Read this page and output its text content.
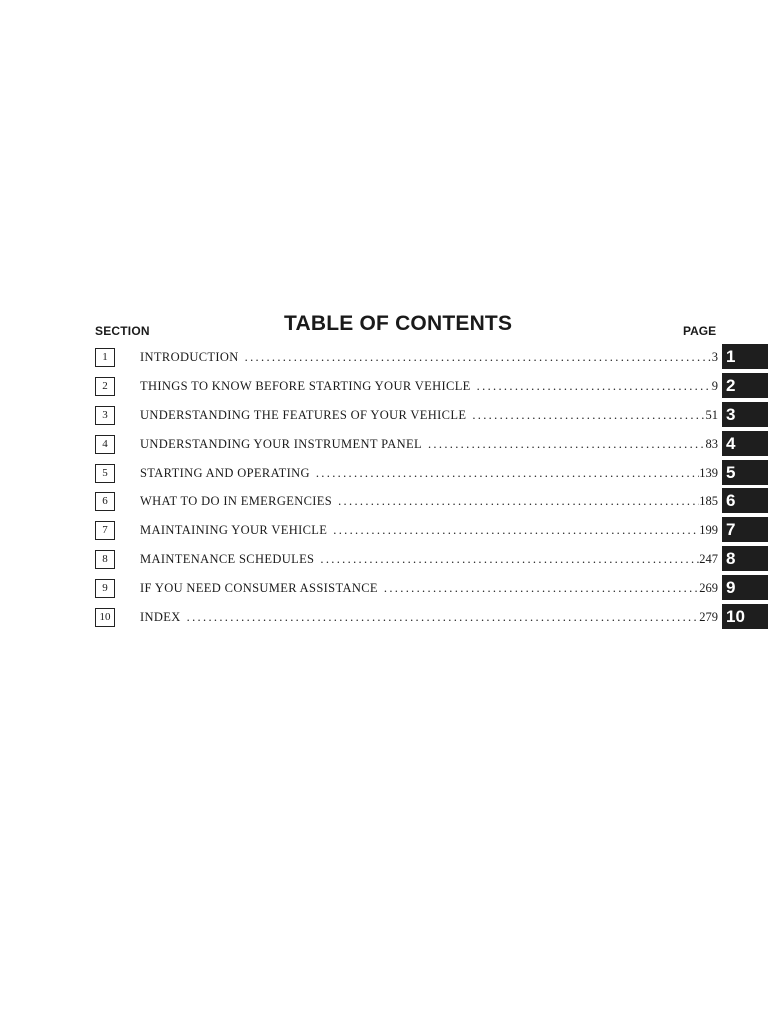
SECTION	TABLE OF CONTENTS	PAGE
1	INTRODUCTION . . .	3 1
2	THINGS TO KNOW BEFORE STARTING YOUR VEHICLE . . .	9 2
3	UNDERSTANDING THE FEATURES OF YOUR VEHICLE . . .	51 3
4	UNDERSTANDING YOUR INSTRUMENT PANEL . . .	83 4
5	STARTING AND OPERATING . . .	139 5
6	WHAT TO DO IN EMERGENCIES . . .	185 6
7	MAINTAINING YOUR VEHICLE . . .	199 7
8	MAINTENANCE SCHEDULES . . .	247 8
9	IF YOU NEED CONSUMER ASSISTANCE . . .	269 9
10	INDEX . . .	279 10
